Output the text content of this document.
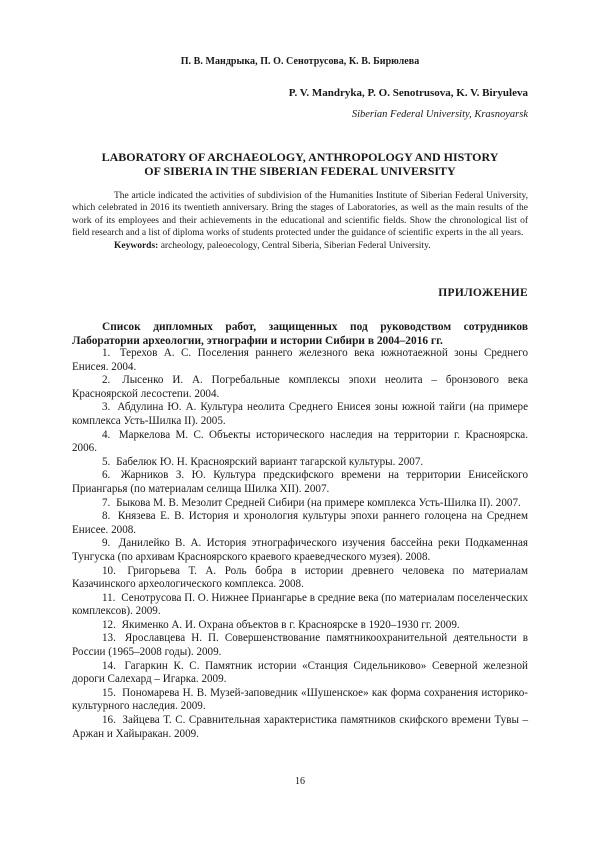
П. В. Мандрыка, П. О. Сенотрусова, К. В. Бирюлева
P. V. Mandryka, P. O. Senotrusova, K. V. Biryuleva
Siberian Federal University, Krasnoyarsk
LABORATORY OF ARCHAEOLOGY, ANTHROPOLOGY AND HISTORY
OF SIBERIA IN THE SIBERIAN FEDERAL UNIVERSITY

The article indicated the activities of subdivision of the Humanities Institute of Siberian Federal University, which celebrated in 2016 its twentieth anniversary. Bring the stages of Laboratories, as well as the main results of the work of its employees and their achievements in the educational and scientific fields. Show the chronological list of field research and a list of diploma works of students protected under the guidance of scientific experts in the all years.

Keywords: archeology, paleoecology, Central Siberia, Siberian Federal University.

ПРИЛОЖЕНИЕ
Список дипломных работ, защищенных под руководством сотрудников Лаборатории археологии, этнографии и истории Сибири в 2004–2016 гг.

1. Терехов А. С. Поселения раннего железного века южнотаежной зоны Среднего Енисея. 2004.

2. Лысенко И. А. Погребальные комплексы эпохи неолита – бронзового века Красноярской лесостепи. 2004.

3. Абдулина Ю. А. Культура неолита Среднего Енисея зоны южной тайги (на примере комплекса Усть-Шилка II). 2005.

4. Маркелова М. С. Объекты исторического наследия на территории г. Красноярска. 2006.

5. Бабелюк Ю. Н. Красноярский вариант тагарской культуры. 2007.

6. Жарников З. Ю. Культура предскифского времени на территории Енисейского Приангарья (по материалам селища Шилка XII). 2007.

7. Быкова М. В. Мезолит Средней Сибири (на примере комплекса Усть-Шилка II). 2007.

8. Князева Е. В. История и хронология культуры эпохи раннего голоцена на Среднем Енисее. 2008.

9. Данилейко В. А. История этнографического изучения бассейна реки Подкаменная Тунгуска (по архивам Красноярского краевого краеведческого музея). 2008.

10. Григорьева Т. А. Роль бобра в истории древнего человека по материалам Казачинского археологического комплекса. 2008.

11. Сенотрусова П. О. Нижнее Приангарье в средние века (по материалам поселенческих комплексов). 2009.

12. Якименко А. И. Охрана объектов в г. Красноярске в 1920–1930 гг. 2009.

13. Ярославцева Н. П. Совершенствование памятникоохранительной деятельности в России (1965–2008 годы). 2009.

14. Гагаркин К. С. Памятник истории «Станция Сидельниково» Северной железной дороги Салехард – Игарка. 2009.

15. Пономарева Н. В. Музей-заповедник «Шушенское» как форма сохранения историко-культурного наследия. 2009.

16. Зайцева Т. С. Сравнительная характеристика памятников скифского времени Тувы – Аржан и Хайыракан. 2009.

16
